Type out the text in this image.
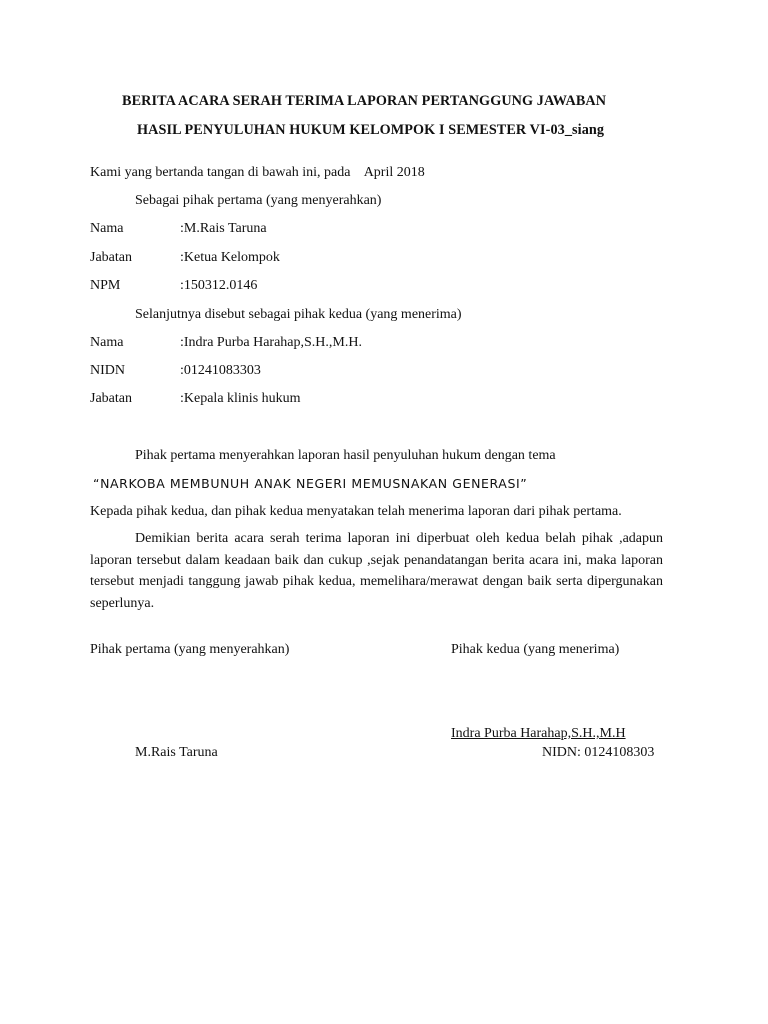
BERITA ACARA SERAH TERIMA LAPORAN PERTANGGUNG JAWABAN
HASIL PENYULUHAN HUKUM KELOMPOK I SEMESTER VI-03_siang
Kami yang bertanda tangan di bawah ini, pada    April 2018
Sebagai pihak pertama (yang menyerahkan)
Nama	:M.Rais Taruna
Jabatan	:Ketua Kelompok
NPM	:150312.0146
Selanjutnya disebut sebagai pihak kedua (yang menerima)
Nama	:Indra Purba Harahap,S.H.,M.H.
NIDN	:01241083303
Jabatan	:Kepala klinis hukum
Pihak pertama menyerahkan laporan hasil penyuluhan hukum dengan tema
“NARKOBA MEMBUNUH ANAK NEGERI MEMUSNAKAN GENERASI”
Kepada pihak kedua, dan pihak kedua menyatakan telah menerima laporan dari pihak pertama.
Demikian berita acara serah terima laporan ini diperbuat oleh kedua belah pihak ,adapun laporan tersebut dalam keadaan baik dan cukup ,sejak penandatangan berita acara ini, maka laporan tersebut menjadi tanggung jawab pihak kedua, memelihara/merawat dengan baik serta dipergunakan seperlunya.
Pihak pertama (yang menyerahkan)	Pihak kedua (yang menerima)
Indra Purba Harahap,S.H.,M.H
M.Rais Taruna	NIDN: 0124108303
